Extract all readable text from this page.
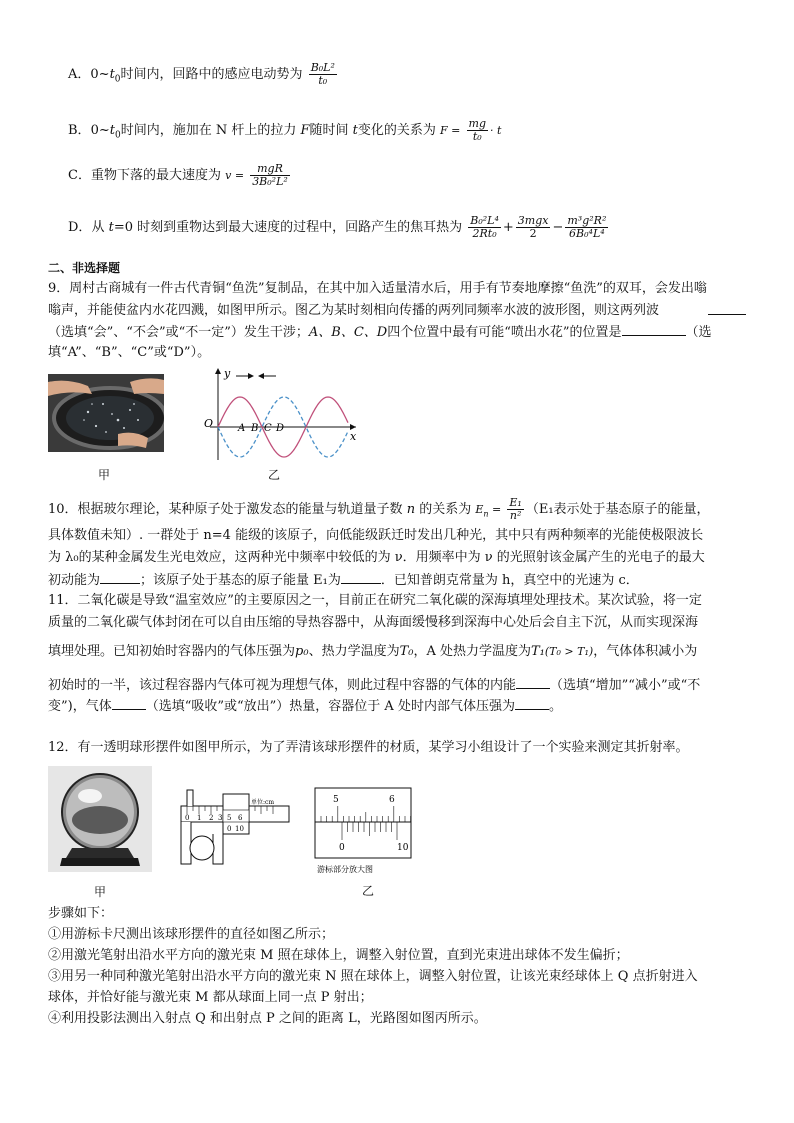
A．$0\sim t_0$时间内，回路中的感应电动势为 $\frac{\text{B₀L²}}{\text{t₀}}$
B．$0\sim t_0$时间内，施加在 N 杆上的拉力 F随时间 t变化的关系为 $F = \frac{mg}{\text{t₀}} \cdot t$
C．重物下落的最大速度为 $v = \frac{\text{mgR}}{\text{3B₀²L²}}$
D．从 t=0 时刻到重物达到最大速度的过程中，回路产生的焦耳热为 $\frac{\text{B₀²L⁴}}{\text{2Rt₀}} + \frac{\text{3mgx}}{2} - \frac{\text{m³g²R²}}{\text{6B₀⁴L⁴}}$
二、非选择题
9．周村古商城有一件古代青铜“鱼洗”复制品，在其中加入适量清水后，用手有节奏地摩擦“鱼洗”的双耳，会发出嗡
嗡声，并能使盆内水花四溅，如图甲所示。图乙为某时刻相向传播的两列同频率水波的波形图，则这两列波
（选填“会”、“不会”或“不一定”）发生干涉；A、B、C、D四个位置中最有可能“喷出水花”的位置是	（选
填“A”、“B”、“C”或“D”）。
甲
y
x
O A B C D
乙
10．根据玻尔理论，某种原子处于激发态的能量与轨道量子数 n 的关系为 $E_n = \frac{\text{E₁}}{\text{n²}} (E_1$表示处于基态原子的能量，
具体数值未知）. 一群处于 n=4 能级的该原子，向低能级跃迁时发出几种光，其中只有两种频率的光能使极限波长
为 λ₀的某种金属发生光电效应，这两种光中频率中较低的为 ν．用频率中为 ν 的光照射该金属产生的光电子的最大
初动能为	；该原子处于基态的原子能量 E₁为	．已知普朗克常量为 h，真空中的光速为 c．
11．二氧化碳是导致“温室效应”的主要原因之一，目前正在研究二氧化碳的深海填埋处理技术。某次试验，将一定
质量的二氧化碳气体封闭在可以自由压缩的导热容器中，从海面缓慢移到深海中心处后会自主下沉，从而实现深海
填埋处理。已知初始时容器内的气体压强为p₀、热力学温度为T₀，A 处热力学温度为T₁(T₀ > T₁)，气体体积减小为
初始时的一半，该过程容器内气体可视为理想气体，则此过程中容器的气体的内能	（选填“增加”“减小”或“不
变”)，气体	（选填“吸收”或“放出”）热量，容器位于 A 处时内部气体压强为	。
12．有一透明球形摆件如图甲所示，为了弄清该球形摆件的材质，某学习小组设计了一个实验来测定其折射率。
甲
单位:cm
0 1 2 3 5 6
0 10
5	6
0	10
游标部分放大图
乙
步骤如下：
①用游标卡尺测出该球形摆件的直径如图乙所示；
②用激光笔射出沿水平方向的激光束 M 照在球体上，调整入射位置，直到光束进出球体不发生偏折；
③用另一种同种激光笔射出沿水平方向的激光束 N 照在球体上，调整入射位置，让该光束经球体上 Q 点折射进入
球体，并恰好能与激光束 M 都从球面上同一点 P 射出；
④利用投影法测出入射点 Q 和出射点 P 之间的距离 L，光路图如图丙所示。
